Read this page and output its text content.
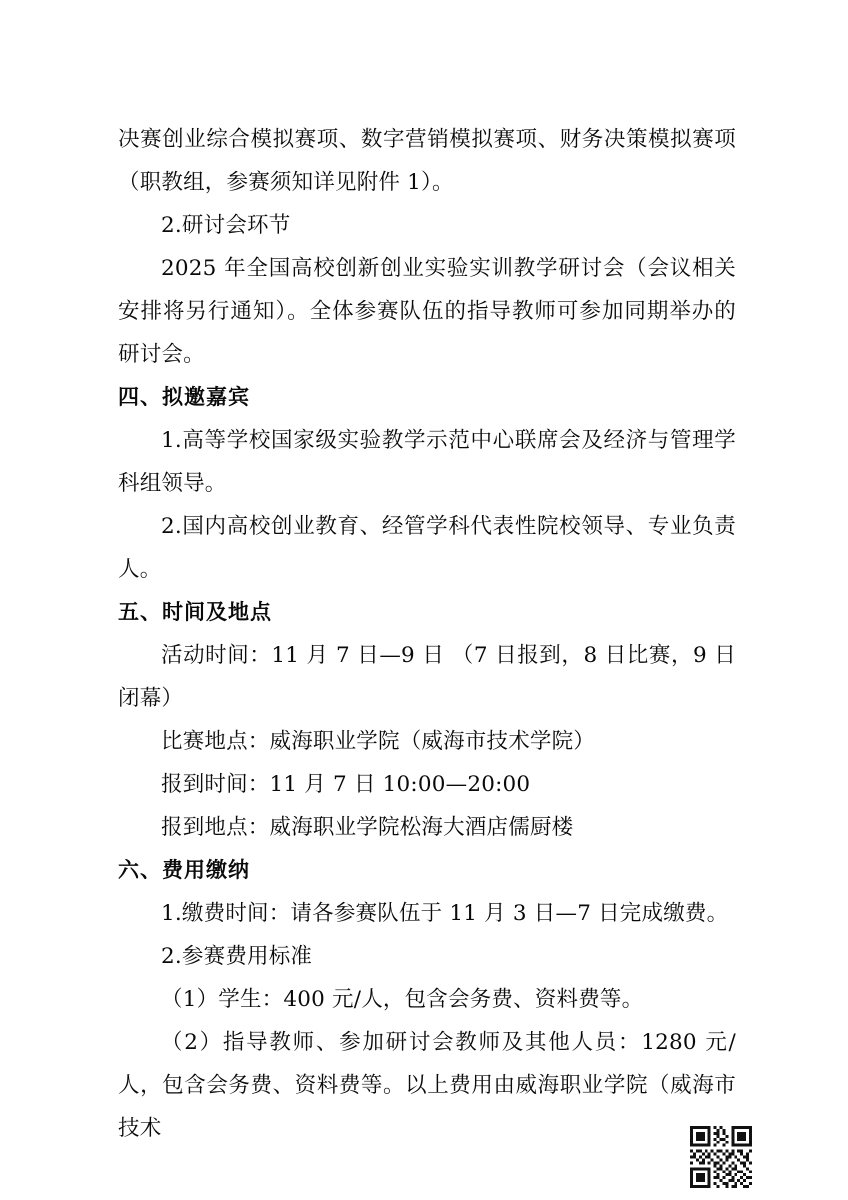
决赛创业综合模拟赛项、数字营销模拟赛项、财务决策模拟赛项（职教组，参赛须知详见附件 1）。

2.研讨会环节

2025 年全国高校创新创业实验实训教学研讨会（会议相关安排将另行通知）。全体参赛队伍的指导教师可参加同期举办的研讨会。

四、拟邀嘉宾

1.高等学校国家级实验教学示范中心联席会及经济与管理学科组领导。

2.国内高校创业教育、经管学科代表性院校领导、专业负责人。

五、时间及地点

活动时间：11 月 7 日—9 日 （7 日报到，8 日比赛，9 日闭幕）

比赛地点：威海职业学院（威海市技术学院）

报到时间：11 月 7 日 10:00—20:00

报到地点：威海职业学院松海大酒店儒厨楼

六、费用缴纳

1.缴费时间：请各参赛队伍于 11 月 3 日—7 日完成缴费。

2.参赛费用标准

（1）学生：400 元/人，包含会务费、资料费等。

（2）指导教师、参加研讨会教师及其他人员：1280 元/人，包含会务费、资料费等。以上费用由威海职业学院（威海市技术
